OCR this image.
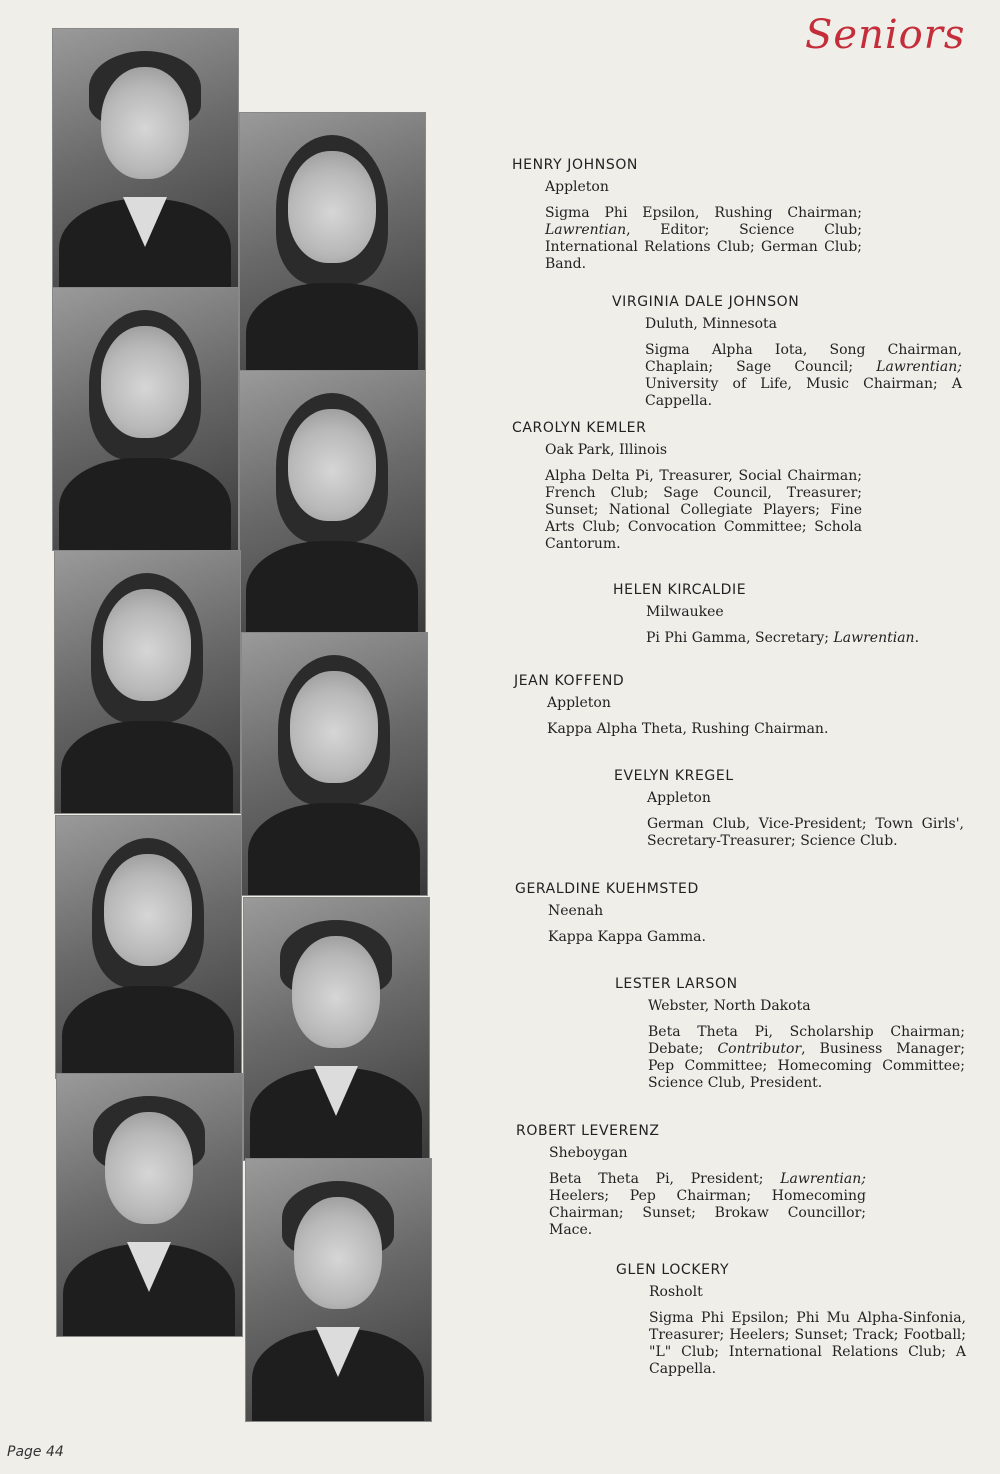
Seniors
HENRY JOHNSON
Appleton
Sigma Phi Epsilon, Rushing Chairman; Lawrentian, Editor; Science Club; International Relations Club; German Club; Band.
VIRGINIA DALE JOHNSON
Duluth, Minnesota
Sigma Alpha Iota, Song Chairman, Chaplain; Sage Council; Lawrentian; University of Life, Music Chairman; A Cappella.
CAROLYN KEMLER
Oak Park, Illinois
Alpha Delta Pi, Treasurer, Social Chairman; French Club; Sage Council, Treasurer; Sunset; National Collegiate Players; Fine Arts Club; Convocation Committee; Schola Cantorum.
HELEN KIRCALDIE
Milwaukee
Pi Phi Gamma, Secretary; Lawrentian.
JEAN KOFFEND
Appleton
Kappa Alpha Theta, Rushing Chairman.
EVELYN KREGEL
Appleton
German Club, Vice-President; Town Girls', Secretary-Treasurer; Science Club.
GERALDINE KUEHMSTED
Neenah
Kappa Kappa Gamma.
LESTER LARSON
Webster, North Dakota
Beta Theta Pi, Scholarship Chairman; Debate; Contributor, Business Manager; Pep Committee; Homecoming Committee; Science Club, President.
ROBERT LEVERENZ
Sheboygan
Beta Theta Pi, President; Lawrentian; Heelers; Pep Chairman; Homecoming Chairman; Sunset; Brokaw Councillor; Mace.
GLEN LOCKERY
Rosholt
Sigma Phi Epsilon; Phi Mu Alpha-Sinfonia, Treasurer; Heelers; Sunset; Track; Football; "L" Club; International Relations Club; A Cappella.
Page 44
